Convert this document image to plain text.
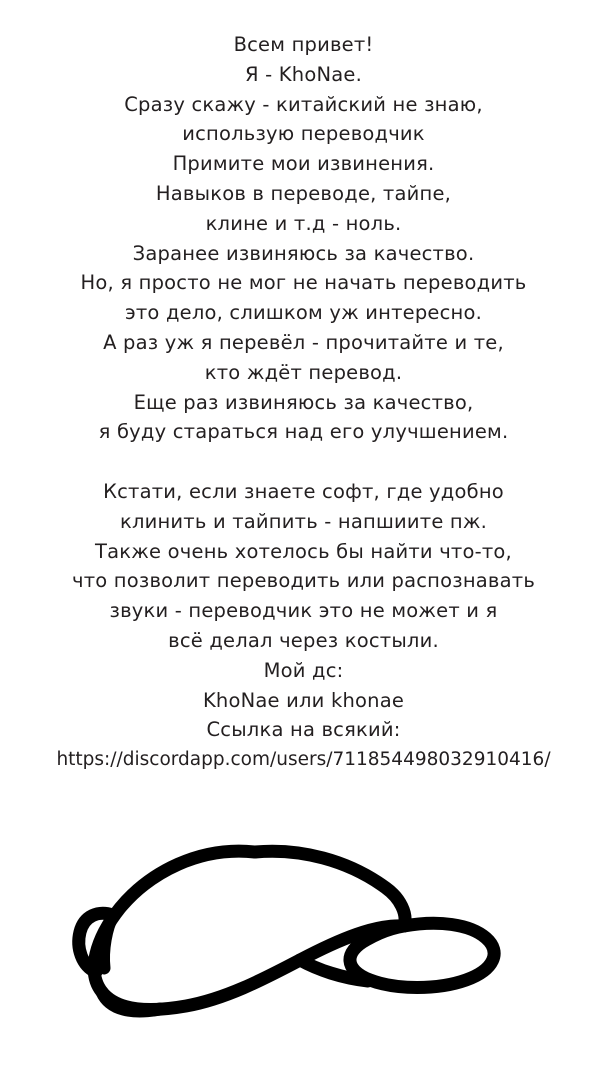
Всем привет!
Я - KhoNae.
Сразу скажу - китайский не знаю,
использую переводчик
Примите мои извинения.
Навыков в переводе, тайпе,
клине и т.д - ноль.
Заранее извиняюсь за качество.
Но, я просто не мог не начать переводить
это дело, слишком уж интересно.
А раз уж я перевёл - прочитайте и те,
кто ждёт перевод.
Еще раз извиняюсь за качество,
я буду стараться над его улучшением.
Кстати, если знаете софт, где удобно
клинить и тайпить - напшиите пж.
Также очень хотелось бы найти что-то,
что позволит переводить или распознавать
звуки - переводчик это не может и я
всё делал через костыли.
Мой дс:
KhoNae или khonae
Ссылка на всякий:
https://discordapp.com/users/711854498032910416/
